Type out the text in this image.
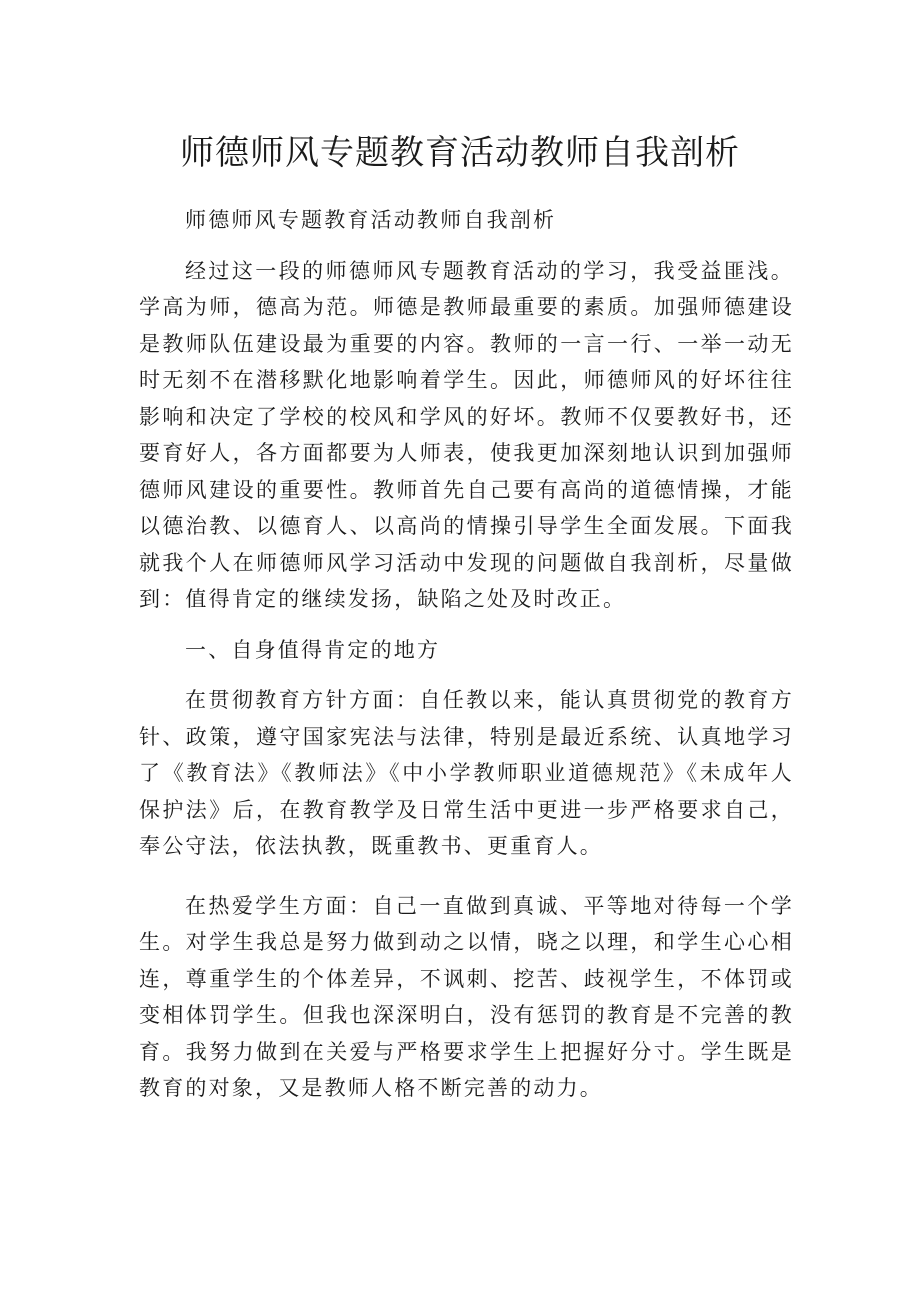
师德师风专题教育活动教师自我剖析

师德师风专题教育活动教师自我剖析

经过这一段的师德师风专题教育活动的学习，我受益匪浅。学高为师，德高为范。师德是教师最重要的素质。加强师德建设是教师队伍建设最为重要的内容。教师的一言一行、一举一动无时无刻不在潜移默化地影响着学生。因此，师德师风的好坏往往影响和决定了学校的校风和学风的好坏。教师不仅要教好书，还要育好人，各方面都要为人师表，使我更加深刻地认识到加强师德师风建设的重要性。教师首先自己要有高尚的道德情操，才能以德治教、以德育人、以高尚的情操引导学生全面发展。下面我就我个人在师德师风学习活动中发现的问题做自我剖析，尽量做到：值得肯定的继续发扬，缺陷之处及时改正。

一、自身值得肯定的地方

在贯彻教育方针方面：自任教以来，能认真贯彻党的教育方针、政策，遵守国家宪法与法律，特别是最近系统、认真地学习了《教育法》《教师法》《中小学教师职业道德规范》《未成年人保护法》后，在教育教学及日常生活中更进一步严格要求自己，奉公守法，依法执教，既重教书、更重育人。

在热爱学生方面：自己一直做到真诚、平等地对待每一个学生。对学生我总是努力做到动之以情，晓之以理，和学生心心相连，尊重学生的个体差异，不讽刺、挖苦、歧视学生，不体罚或变相体罚学生。但我也深深明白，没有惩罚的教育是不完善的教育。我努力做到在关爱与严格要求学生上把握好分寸。学生既是教育的对象，又是教师人格不断完善的动力。
